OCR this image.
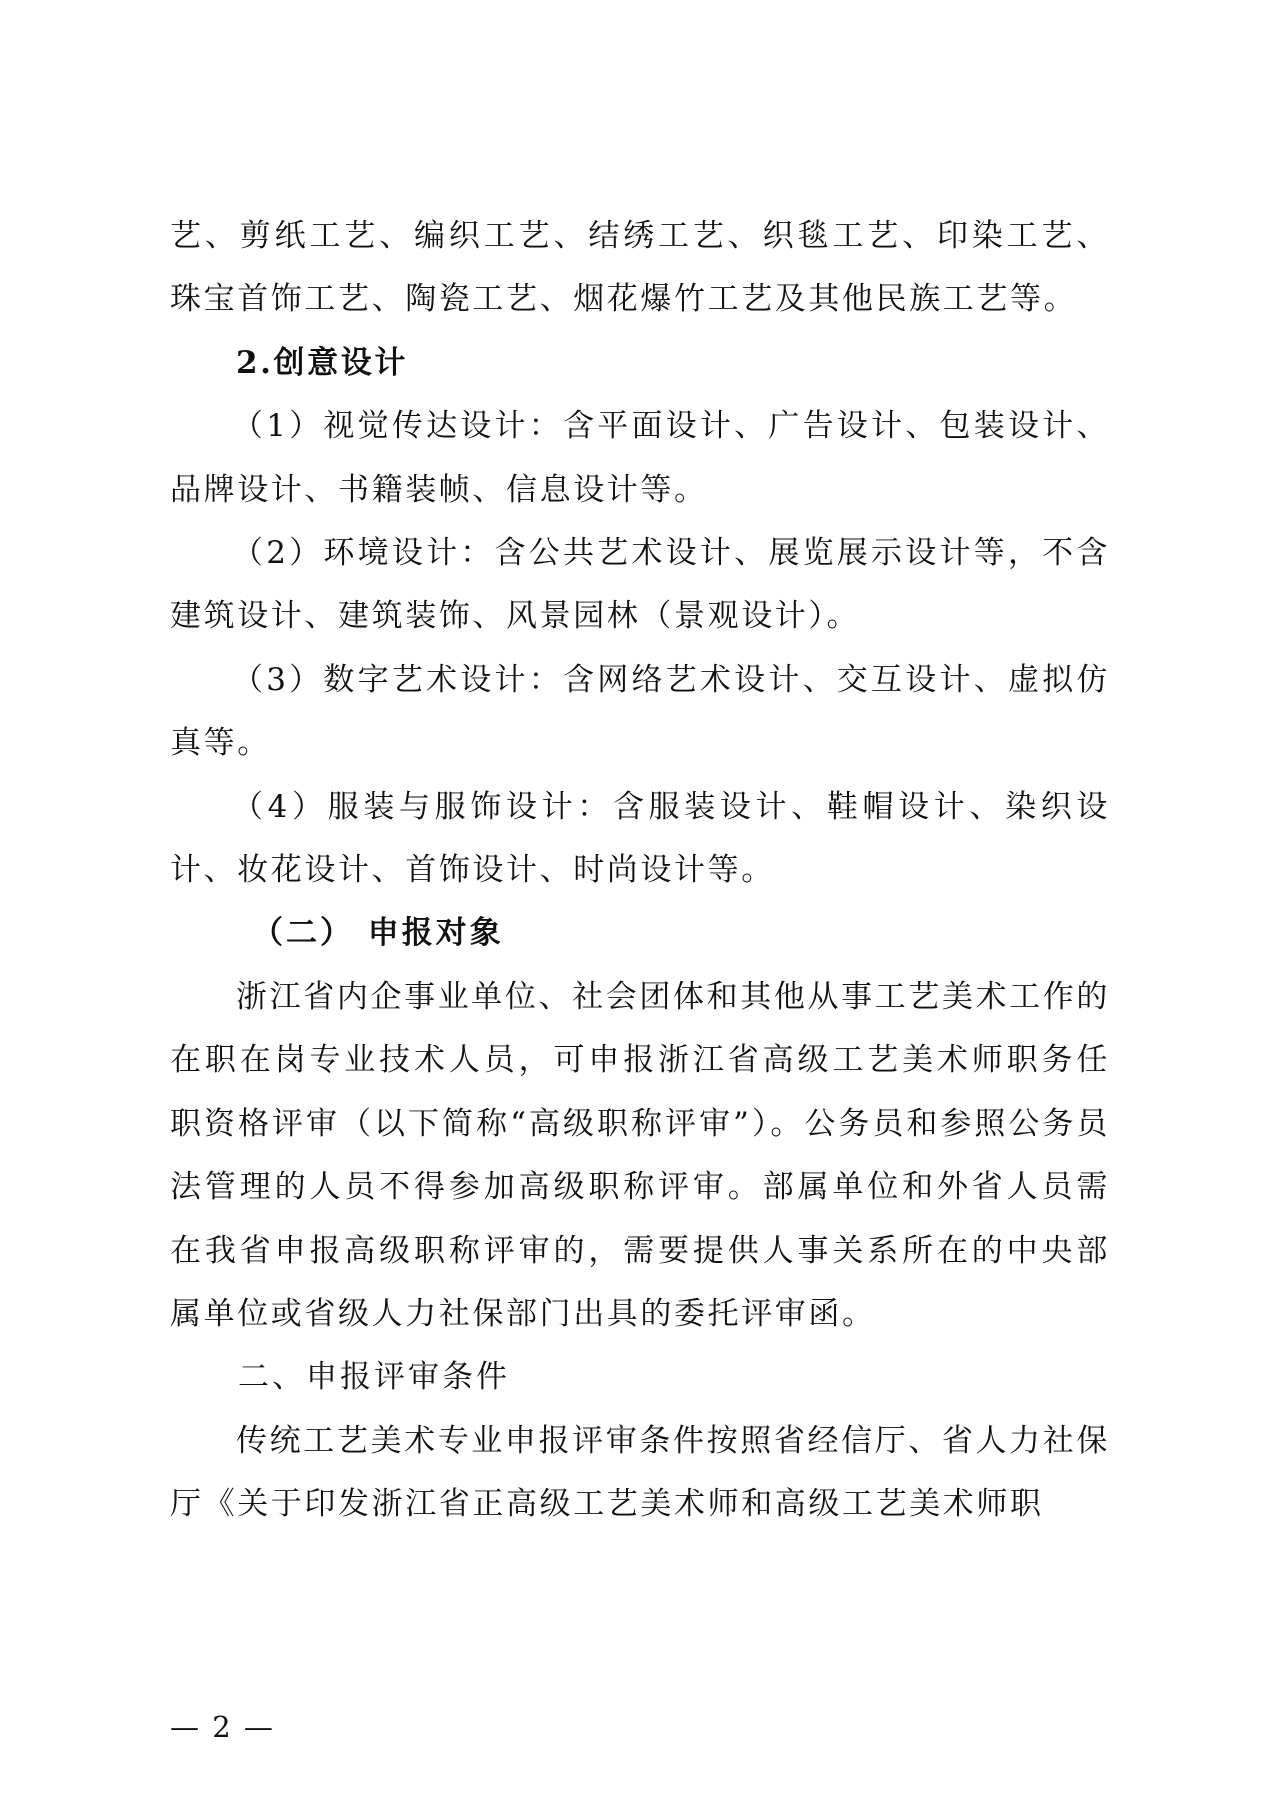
艺、剪纸工艺、编织工艺、结绣工艺、织毯工艺、印染工艺、珠宝首饰工艺、陶瓷工艺、烟花爆竹工艺及其他民族工艺等。

2.创意设计

（1）视觉传达设计：含平面设计、广告设计、包装设计、品牌设计、书籍装帧、信息设计等。

（2）环境设计：含公共艺术设计、展览展示设计等，不含建筑设计、建筑装饰、风景园林（景观设计）。

（3）数字艺术设计：含网络艺术设计、交互设计、虚拟仿真等。

（4）服装与服饰设计：含服装设计、鞋帽设计、染织设计、妆花设计、首饰设计、时尚设计等。

（二） 申报对象

浙江省内企事业单位、社会团体和其他从事工艺美术工作的在职在岗专业技术人员，可申报浙江省高级工艺美术师职务任职资格评审（以下简称“高级职称评审”）。公务员和参照公务员法管理的人员不得参加高级职称评审。部属单位和外省人员需在我省申报高级职称评审的，需要提供人事关系所在的中央部属单位或省级人力社保部门出具的委托评审函。

二、申报评审条件

传统工艺美术专业申报评审条件按照省经信厅、省人力社保厅《关于印发浙江省正高级工艺美术师和高级工艺美术师职

— 2 —
